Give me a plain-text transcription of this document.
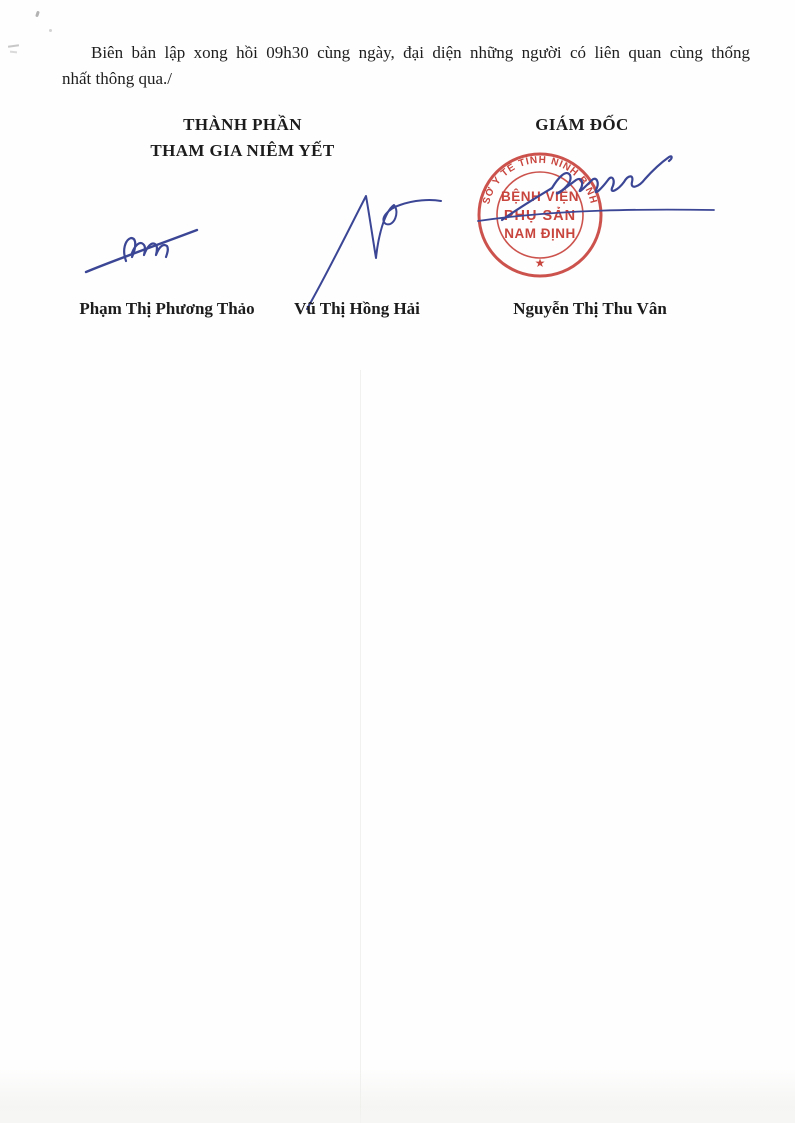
Biên bản lập xong hồi 09h30 cùng ngày, đại diện những người có liên quan cùng thống
nhất thông qua./
THÀNH PHẦN
THAM GIA NIÊM YẾT
GIÁM ĐỐC
SỞ Y TẾ TỈNH NINH BÌNH
BỆNH VIỆN
PHỤ SẢN
NAM ĐỊNH
★
Phạm Thị Phương Thảo	Vũ Thị Hồng Hải	Nguyễn Thị Thu Vân
